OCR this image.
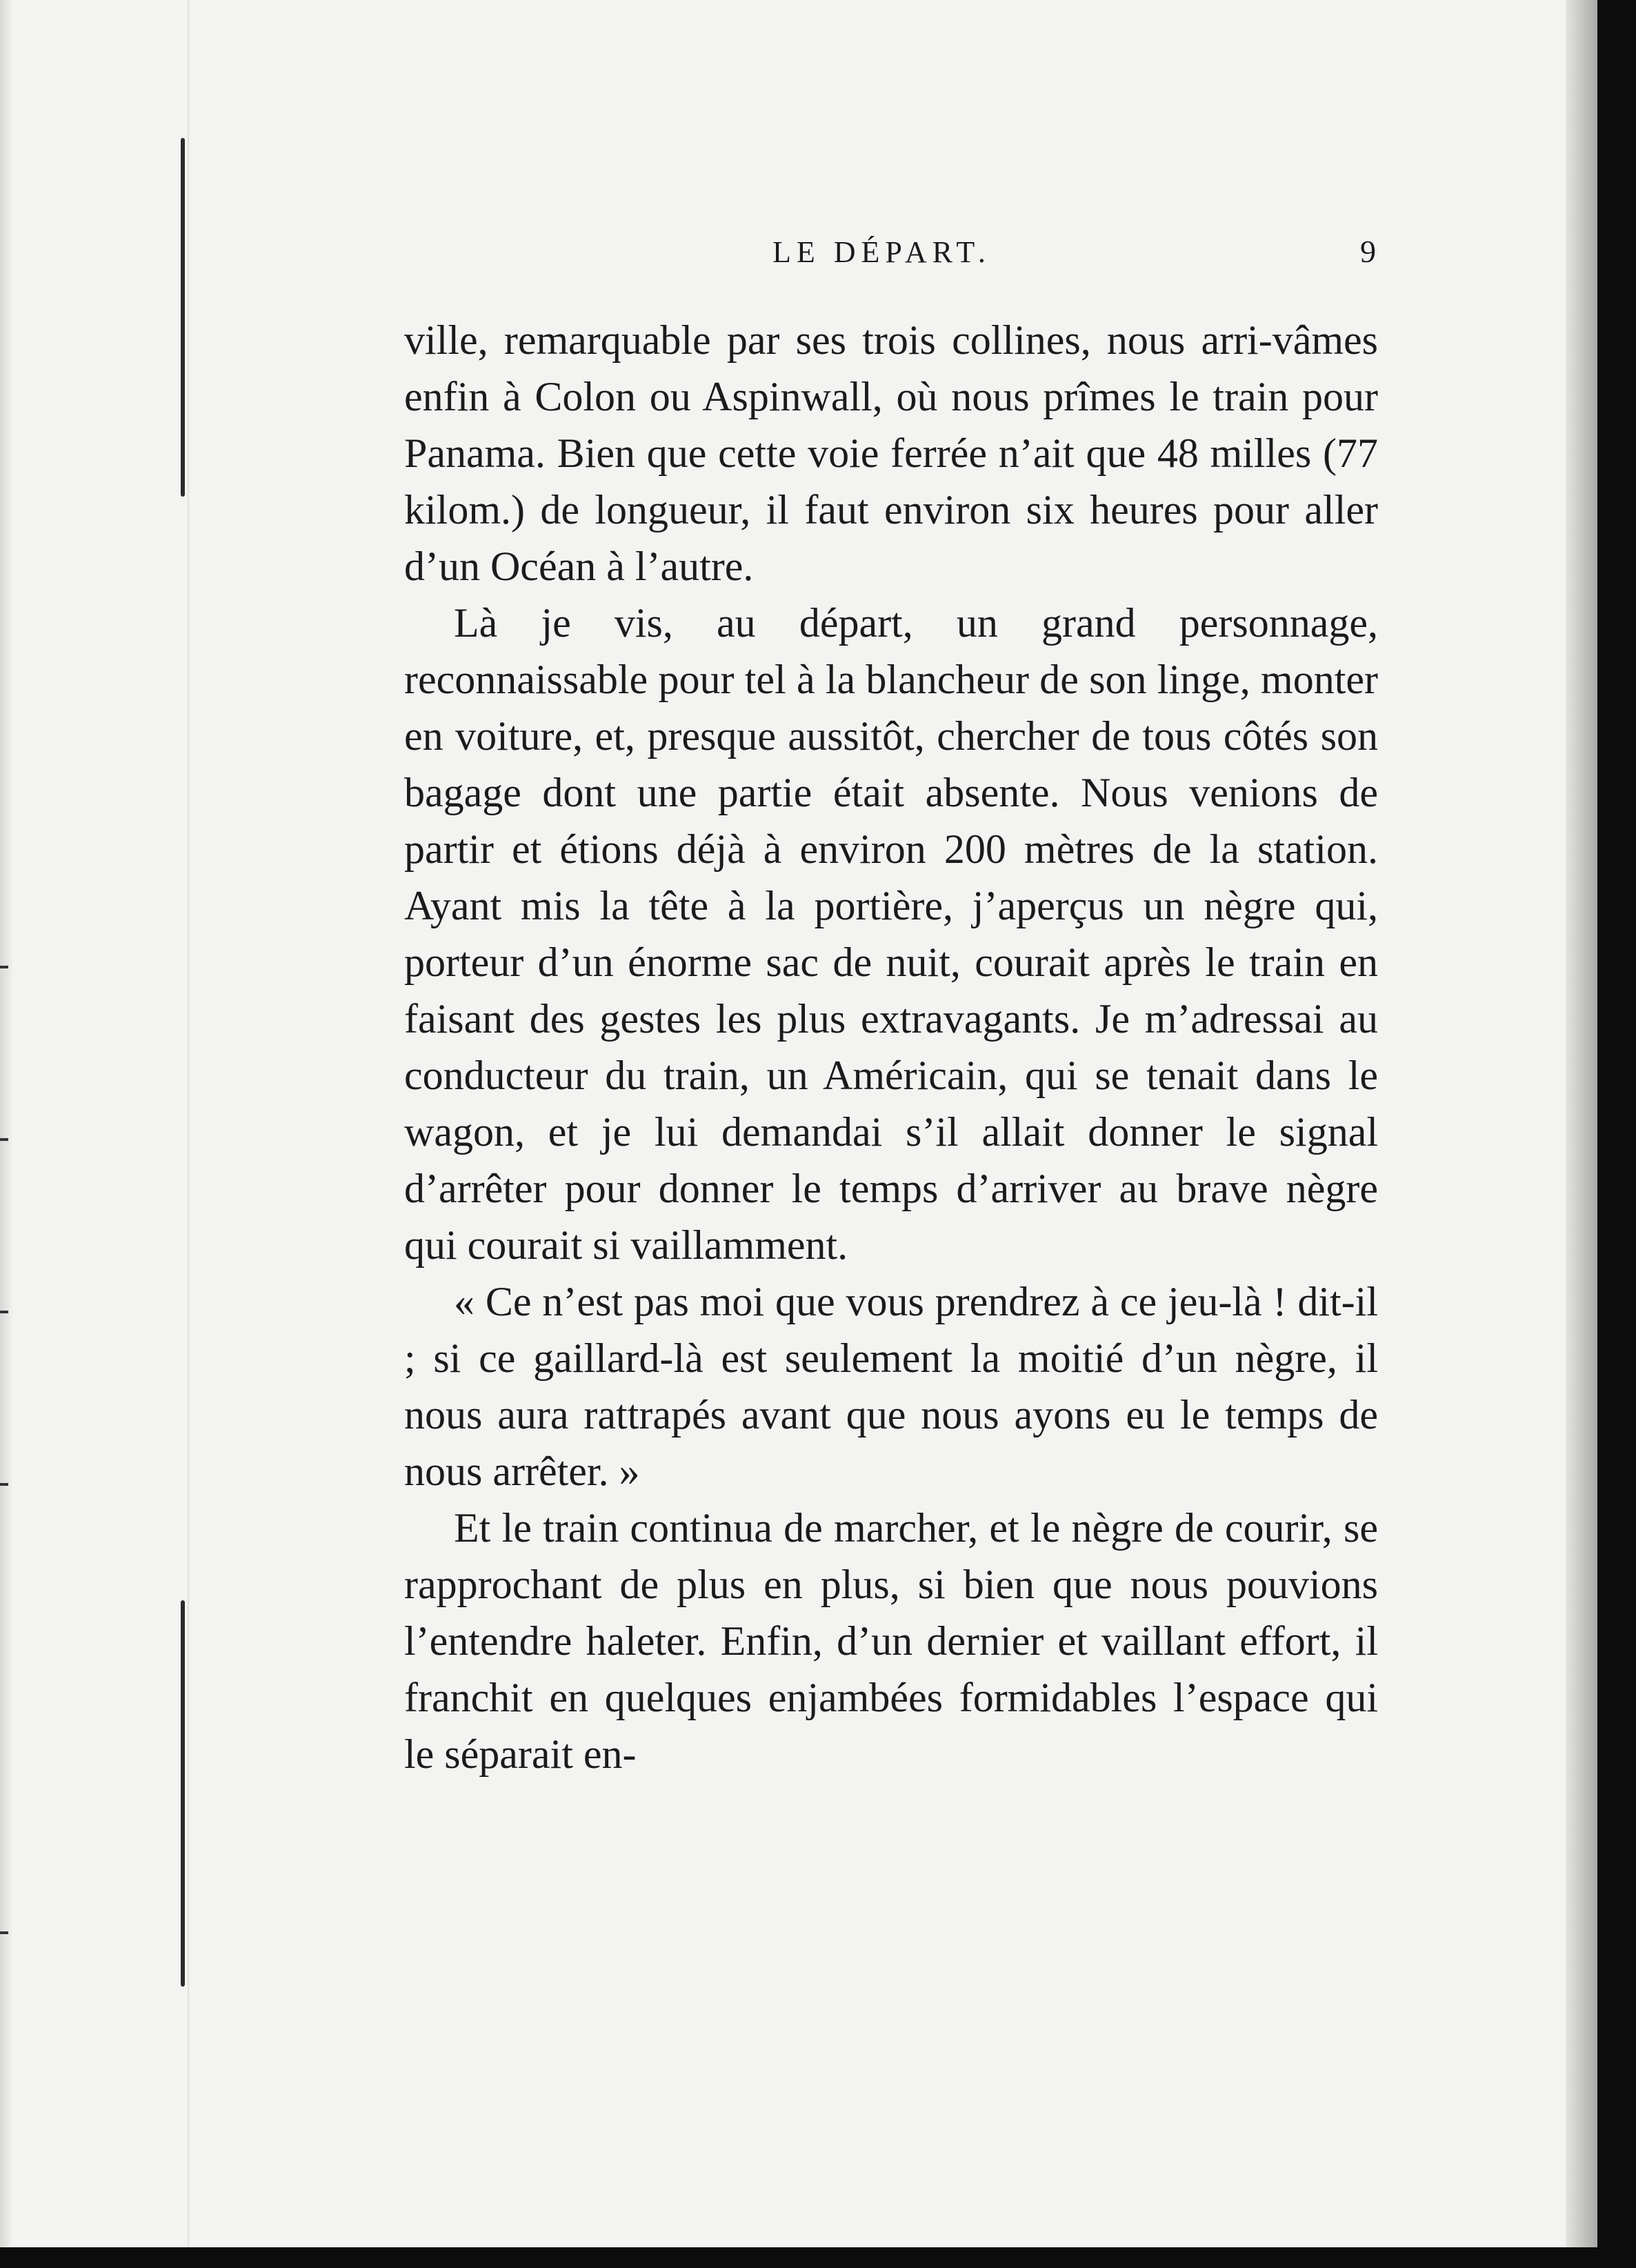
LE DÉPART.	9

ville, remarquable par ses trois collines, nous arri-vâmes enfin à Colon ou Aspinwall, où nous prîmes le train pour Panama. Bien que cette voie ferrée n’ait que 48 milles (77 kilom.) de longueur, il faut environ six heures pour aller d’un Océan à l’autre.

Là je vis, au départ, un grand personnage, reconnaissable pour tel à la blancheur de son linge, monter en voiture, et, presque aussitôt, chercher de tous côtés son bagage dont une partie était absente. Nous venions de partir et étions déjà à environ 200 mètres de la station. Ayant mis la tête à la portière, j’aperçus un nègre qui, porteur d’un énorme sac de nuit, courait après le train en faisant des gestes les plus extravagants. Je m’adressai au conducteur du train, un Américain, qui se tenait dans le wagon, et je lui demandai s’il allait donner le signal d’arrêter pour donner le temps d’arriver au brave nègre qui courait si vaillamment.

« Ce n’est pas moi que vous prendrez à ce jeu-là ! dit-il ; si ce gaillard-là est seulement la moitié d’un nègre, il nous aura rattrapés avant que nous ayons eu le temps de nous arrêter. »

Et le train continua de marcher, et le nègre de courir, se rapprochant de plus en plus, si bien que nous pouvions l’entendre haleter. Enfin, d’un dernier et vaillant effort, il franchit en quelques enjambées formidables l’espace qui le séparait en-
